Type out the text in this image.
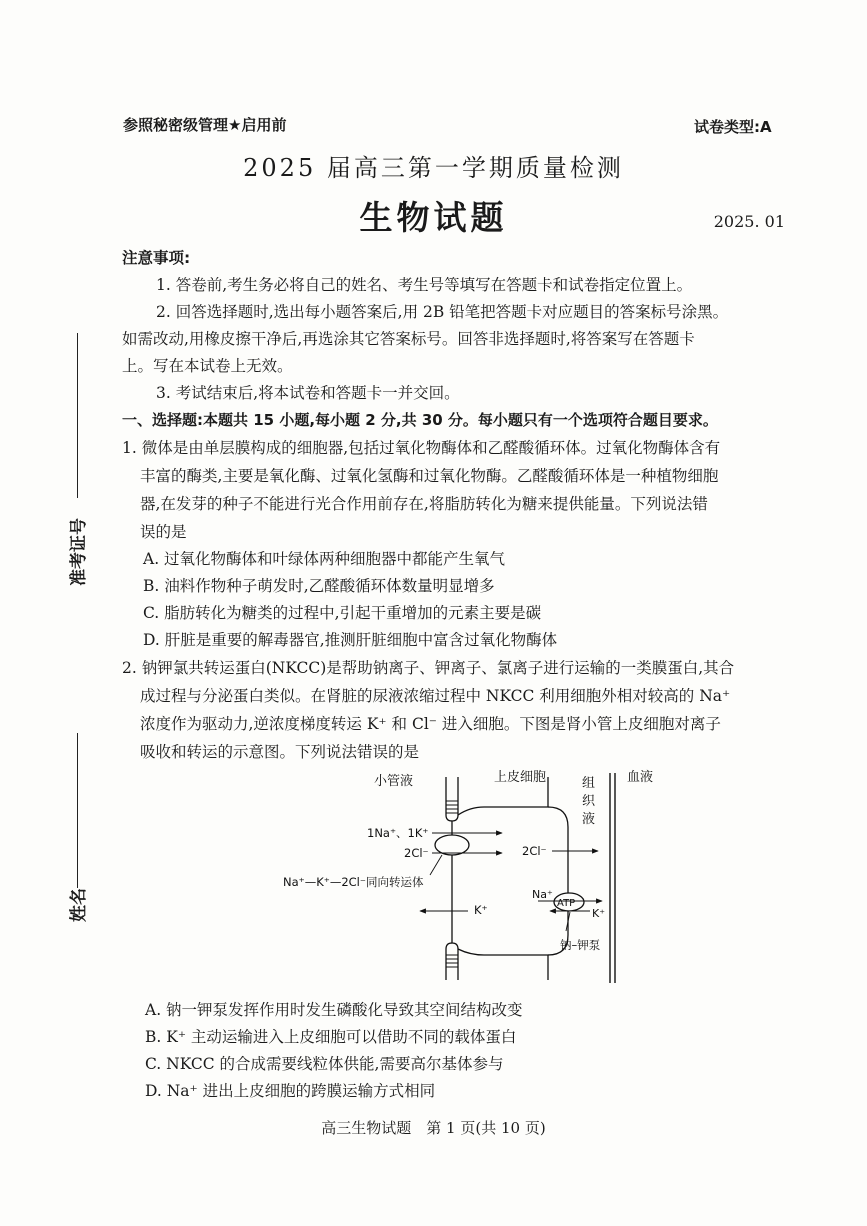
参照秘密级管理★启用前	试卷类型:A
2025 届高三第一学期质量检测
生物试题	2025. 01
准考证号
姓名
注意事项:
1. 答卷前,考生务必将自己的姓名、考生号等填写在答题卡和试卷指定位置上。
2. 回答选择题时,选出每小题答案后,用 2B 铅笔把答题卡对应题目的答案标号涂黑。
如需改动,用橡皮擦干净后,再选涂其它答案标号。回答非选择题时,将答案写在答题卡
上。写在本试卷上无效。
3. 考试结束后,将本试卷和答题卡一并交回。
一、选择题:本题共 15 小题,每小题 2 分,共 30 分。每小题只有一个选项符合题目要求。
1. 微体是由单层膜构成的细胞器,包括过氧化物酶体和乙醛酸循环体。过氧化物酶体含有
丰富的酶类,主要是氧化酶、过氧化氢酶和过氧化物酶。乙醛酸循环体是一种植物细胞
器,在发芽的种子不能进行光合作用前存在,将脂肪转化为糖来提供能量。下列说法错
误的是
A. 过氧化物酶体和叶绿体两种细胞器中都能产生氧气
B. 油料作物种子萌发时,乙醛酸循环体数量明显增多
C. 脂肪转化为糖类的过程中,引起干重增加的元素主要是碳
D. 肝脏是重要的解毒器官,推测肝脏细胞中富含过氧化物酶体
2. 钠钾氯共转运蛋白(NKCC)是帮助钠离子、钾离子、氯离子进行运输的一类膜蛋白,其合
成过程与分泌蛋白类似。在肾脏的尿液浓缩过程中 NKCC 利用细胞外相对较高的 Na⁺
浓度作为驱动力,逆浓度梯度转运 K⁺ 和 Cl⁻ 进入细胞。下图是肾小管上皮细胞对离子
吸收和转运的示意图。下列说法错误的是
小管液	上皮细胞	组
织
液
血液
1Na⁺、1K⁺
2Cl⁻
Na⁺—K⁺—2Cl⁻同向转运体
2Cl⁻
K⁺	ATP
Na⁺
K⁺
钠–钾泵
A. 钠一钾泵发挥作用时发生磷酸化导致其空间结构改变
B. K⁺ 主动运输进入上皮细胞可以借助不同的载体蛋白
C. NKCC 的合成需要线粒体供能,需要高尔基体参与
D. Na⁺ 进出上皮细胞的跨膜运输方式相同
高三生物试题　第 1 页(共 10 页)
